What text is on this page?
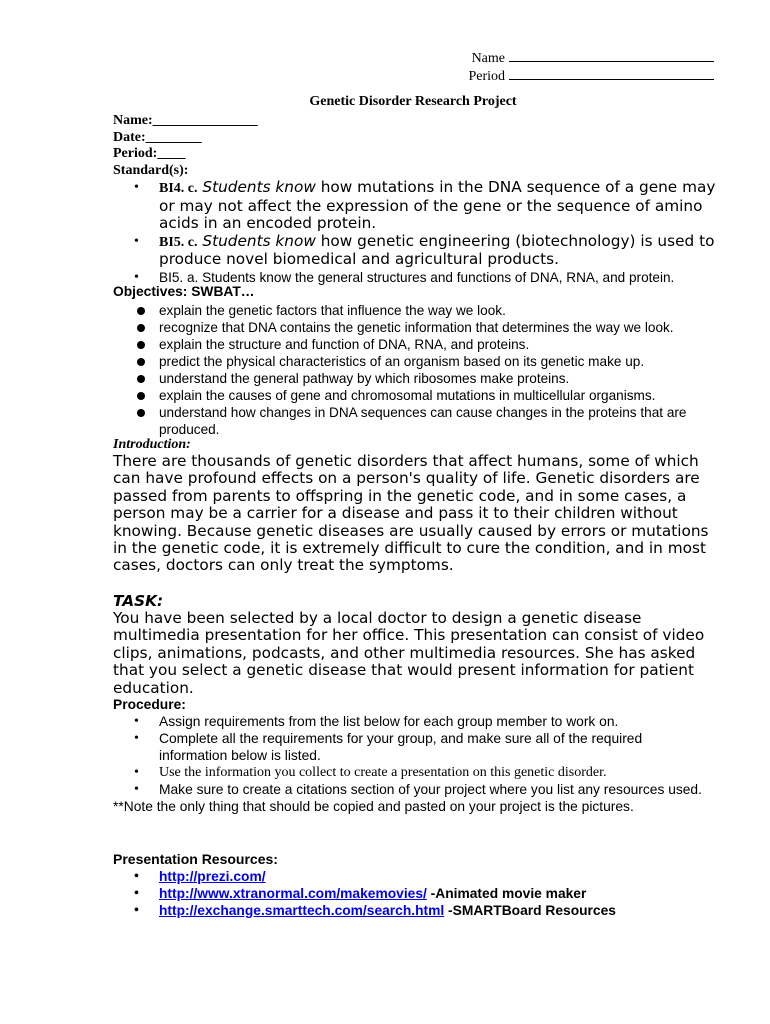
Name
Period
Genetic Disorder Research Project
Name:_______________
Date:________
Period:____
Standard(s):
• BI4. c. Students know how mutations in the DNA sequence of a gene may or may not affect the expression of the gene or the sequence of amino acids in an encoded protein.
• BI5. c. Students know how genetic engineering (biotechnology) is used to produce novel biomedical and agricultural products.
• BI5. a. Students know the general structures and functions of DNA, RNA, and protein.
Objectives: SWBAT…
explain the genetic factors that influence the way we look.
recognize that DNA contains the genetic information that determines the way we look.
explain the structure and function of DNA, RNA, and proteins.
predict the physical characteristics of an organism based on its genetic make up.
understand the general pathway by which ribosomes make proteins.
explain the causes of gene and chromosomal mutations in multicellular organisms.
understand how changes in DNA sequences can cause changes in the proteins that are produced.
Introduction:
There are thousands of genetic disorders that affect humans, some of which can have profound effects on a person's quality of life. Genetic disorders are passed from parents to offspring in the genetic code, and in some cases, a person may be a carrier for a disease and pass it to their children without knowing. Because genetic diseases are usually caused by errors or mutations in the genetic code, it is extremely difficult to cure the condition, and in most cases, doctors can only treat the symptoms.
TASK:
You have been selected by a local doctor to design a genetic disease multimedia presentation for her office. This presentation can consist of video clips, animations, podcasts, and other multimedia resources. She has asked that you select a genetic disease that would present information for patient education.
Procedure:
• Assign requirements from the list below for each group member to work on.
• Complete all the requirements for your group, and make sure all of the required information below is listed.
• Use the information you collect to create a presentation on this genetic disorder.
• Make sure to create a citations section of your project where you list any resources used.
**Note the only thing that should be copied and pasted on your project is the pictures.
Presentation Resources:
• http://prezi.com/
• http://www.xtranormal.com/makemovies/ -Animated movie maker
• http://exchange.smarttech.com/search.html -SMARTBoard Resources
